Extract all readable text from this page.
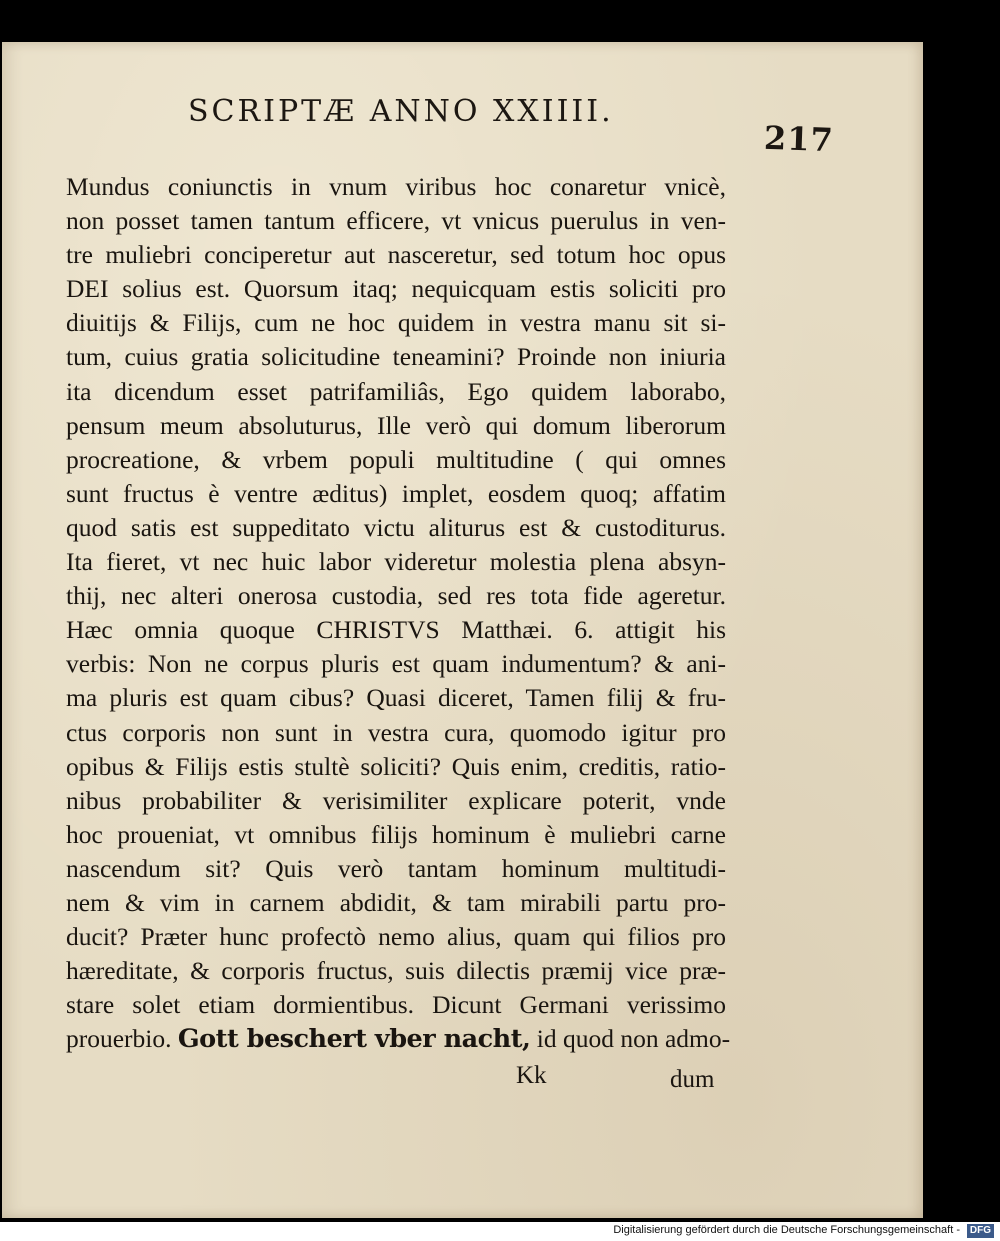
SCRIPTÆ ANNO XXIIII.
217
Mundus coniunctis in vnum viribus hoc conaretur vnicè,
non posset tamen tantum efficere, vt vnicus puerulus in ven-
tre muliebri conciperetur aut nasceretur, sed totum hoc opus
DEI solius est. Quorsum itaq; nequicquam estis soliciti pro
diuitijs & Filijs, cum ne hoc quidem in vestra manu sit si-
tum, cuius gratia solicitudine teneamini? Proinde non iniuria
ita dicendum esset patrifamiliâs, Ego quidem laborabo,
pensum meum absoluturus, Ille verò qui domum liberorum
procreatione, & vrbem populi multitudine ( qui omnes
sunt fructus è ventre æditus) implet, eosdem quoq; affatim
quod satis est suppeditato victu aliturus est & custoditurus.
Ita fieret, vt nec huic labor videretur molestia plena absyn-
thij, nec alteri onerosa custodia, sed res tota fide ageretur.
Hæc omnia quoque CHRISTVS Matthæi. 6. attigit his
verbis: Non ne corpus pluris est quam indumentum? & ani-
ma pluris est quam cibus? Quasi diceret, Tamen filij & fru-
ctus corporis non sunt in vestra cura, quomodo igitur pro
opibus & Filijs estis stultè soliciti? Quis enim, creditis, ratio-
nibus probabiliter & verisimiliter explicare poterit, vnde
hoc proueniat, vt omnibus filijs hominum è muliebri carne
nascendum sit? Quis verò tantam hominum multitudi-
nem & vim in carnem abdidit, & tam mirabili partu pro-
ducit? Præter hunc profectò nemo alius, quam qui filios pro
hæreditate, & corporis fructus, suis dilectis præmij vice præ-
stare solet etiam dormientibus. Dicunt Germani verissimo
prouerbio. Gott beschert vber nacht, id quod non admo-
Kk	dum
Digitalisierung gefördert durch die Deutsche Forschungsgemeinschaft - DFG
